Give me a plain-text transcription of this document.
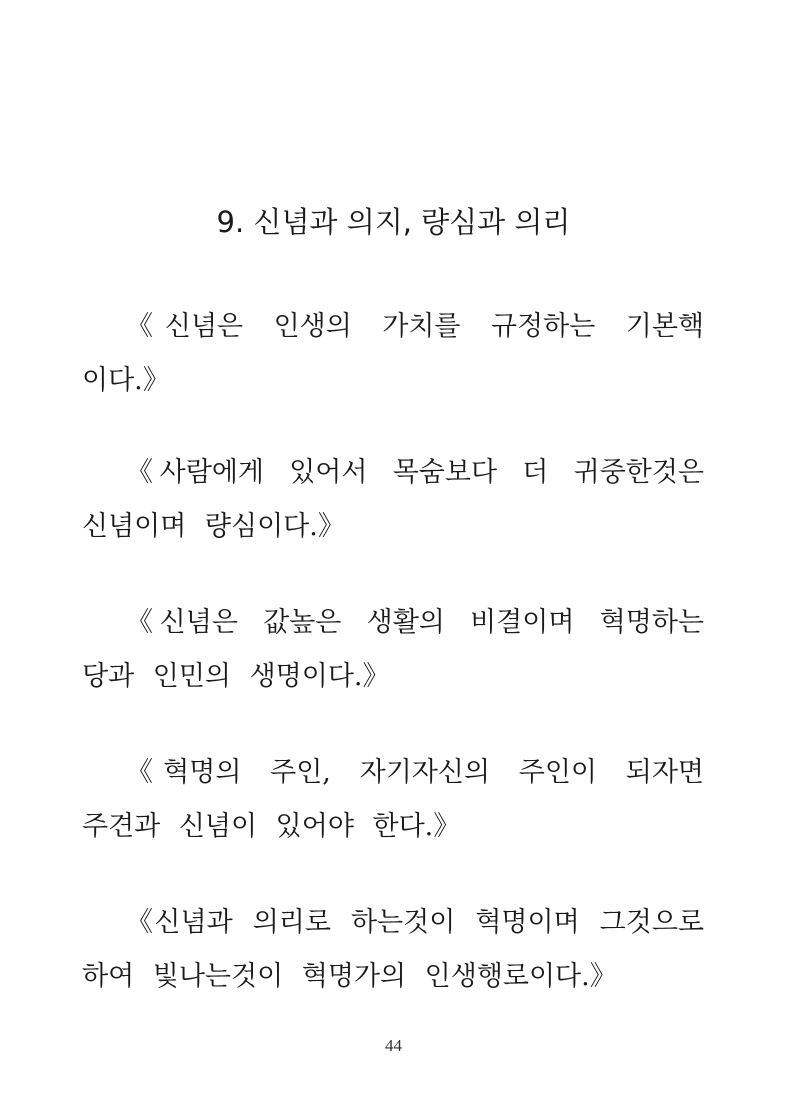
9. 신념과 의지, 량심과 의리

《신념은 인생의 가치를 규정하는 기본핵
이다.》

《사람에게 있어서 목숨보다 더 귀중한것은
신념이며 량심이다.》

《신념은 값높은 생활의 비결이며 혁명하는
당과 인민의 생명이다.》

《혁명의 주인, 자기자신의 주인이 되자면
주견과 신념이 있어야 한다.》

《신념과 의리로 하는것이 혁명이며 그것으로
하여 빛나는것이 혁명가의 인생행로이다.》

44
